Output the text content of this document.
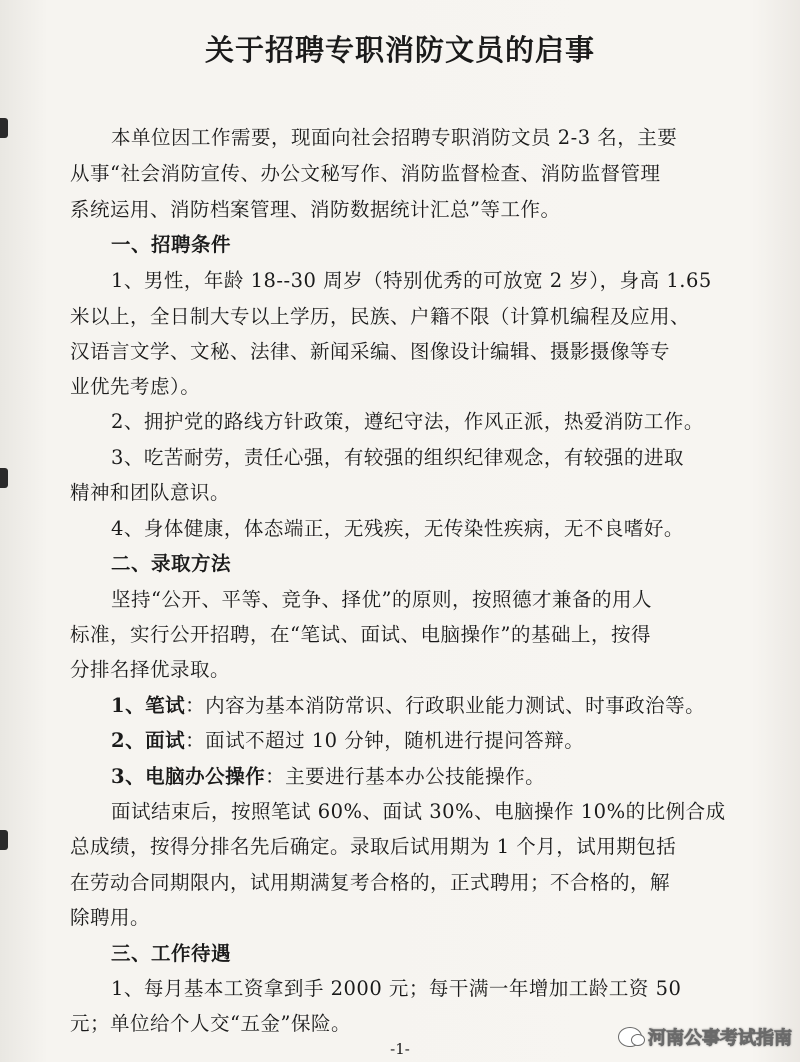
关于招聘专职消防文员的启事
本单位因工作需要，现面向社会招聘专职消防文员 2-3 名，主要
从事“社会消防宣传、办公文秘写作、消防监督检查、消防监督管理
系统运用、消防档案管理、消防数据统计汇总”等工作。
一、招聘条件
1、男性，年龄 18--30 周岁（特别优秀的可放宽 2 岁），身高 1.65
米以上，全日制大专以上学历，民族、户籍不限（计算机编程及应用、
汉语言文学、文秘、法律、新闻采编、图像设计编辑、摄影摄像等专
业优先考虑）。
2、拥护党的路线方针政策，遵纪守法，作风正派，热爱消防工作。
3、吃苦耐劳，责任心强，有较强的组织纪律观念，有较强的进取
精神和团队意识。
4、身体健康，体态端正，无残疾，无传染性疾病，无不良嗜好。
二、录取方法
坚持“公开、平等、竞争、择优”的原则，按照德才兼备的用人
标准，实行公开招聘，在“笔试、面试、电脑操作”的基础上，按得
分排名择优录取。
1、笔试：内容为基本消防常识、行政职业能力测试、时事政治等。
2、面试：面试不超过 10 分钟，随机进行提问答辩。
3、电脑办公操作：主要进行基本办公技能操作。
面试结束后，按照笔试 60%、面试 30%、电脑操作 10%的比例合成
总成绩，按得分排名先后确定。录取后试用期为 1 个月，试用期包括
在劳动合同期限内，试用期满复考合格的，正式聘用；不合格的，解
除聘用。
三、工作待遇
1、每月基本工资拿到手 2000 元；每干满一年增加工龄工资 50
元；单位给个人交“五金”保险。
-1-	河南公事考试指南
